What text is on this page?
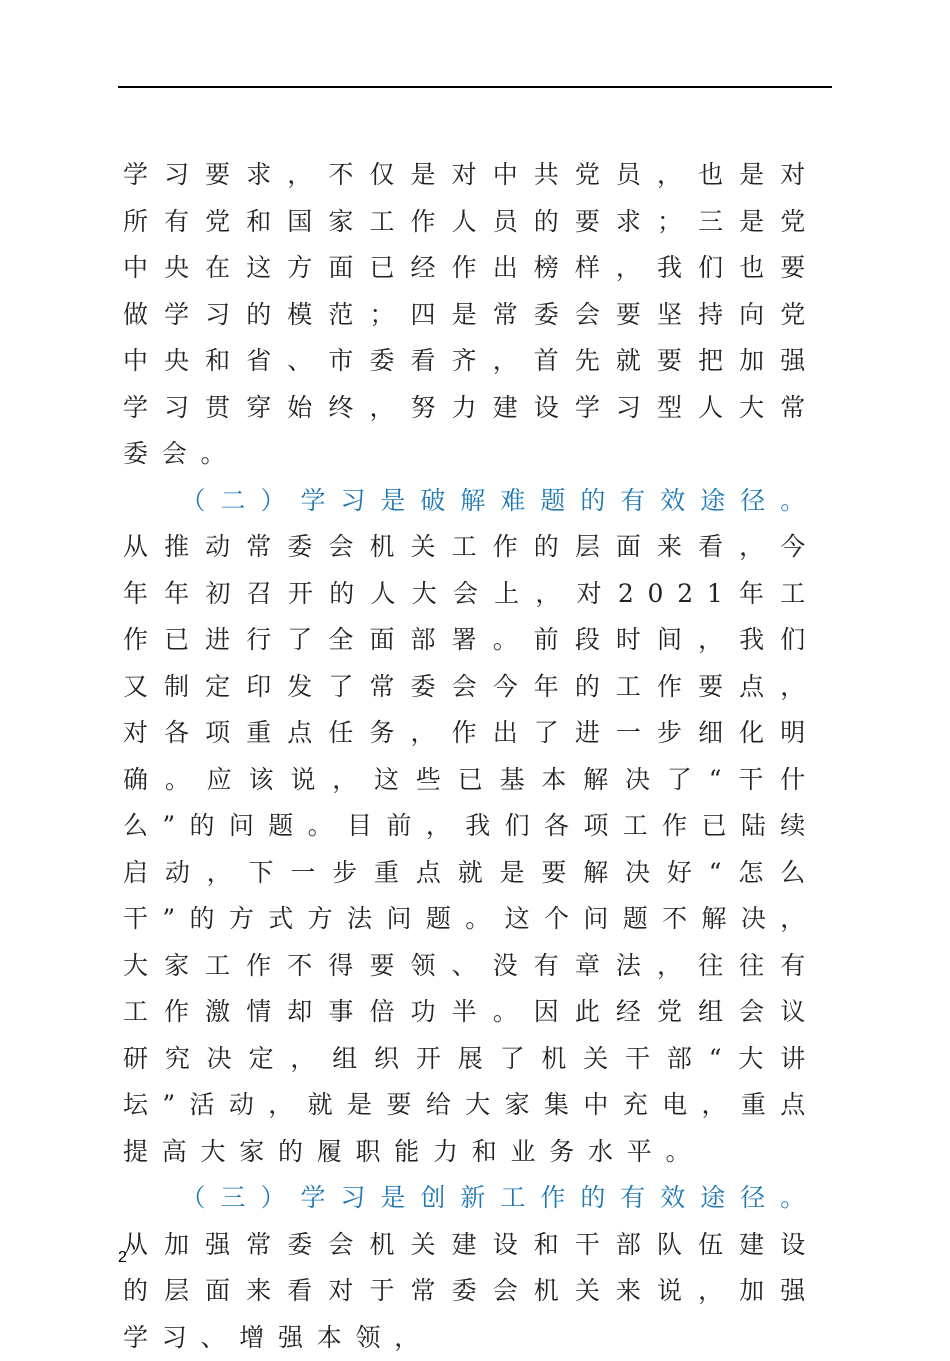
学习要求，不仅是对中共党员，也是对所有党和国家工作人员的要求；三是党中央在这方面已经作出榜样，我们也要做学习的模范；四是常委会要坚持向党中央和省、市委看齐，首先就要把加强学习贯穿始终，努力建设学习型人大常委会。

（二）学习是破解难题的有效途径。从推动常委会机关工作的层面来看，今年年初召开的人大会上，对2021年工作已进行了全面部署。前段时间，我们又制定印发了常委会今年的工作要点，对各项重点任务，作出了进一步细化明确。应该说，这些已基本解决了“干什么”的问题。目前，我们各项工作已陆续启动，下一步重点就是要解决好“怎么干”的方式方法问题。这个问题不解决，大家工作不得要领、没有章法，往往有工作激情却事倍功半。因此经党组会议研究决定，组织开展了机关干部“大讲坛”活动，就是要给大家集中充电，重点提高大家的履职能力和业务水平。

（三）学习是创新工作的有效途径。从加强常委会机关建设和干部队伍建设的层面来看对于常委会机关来说，加强学习、增强本领，

2
